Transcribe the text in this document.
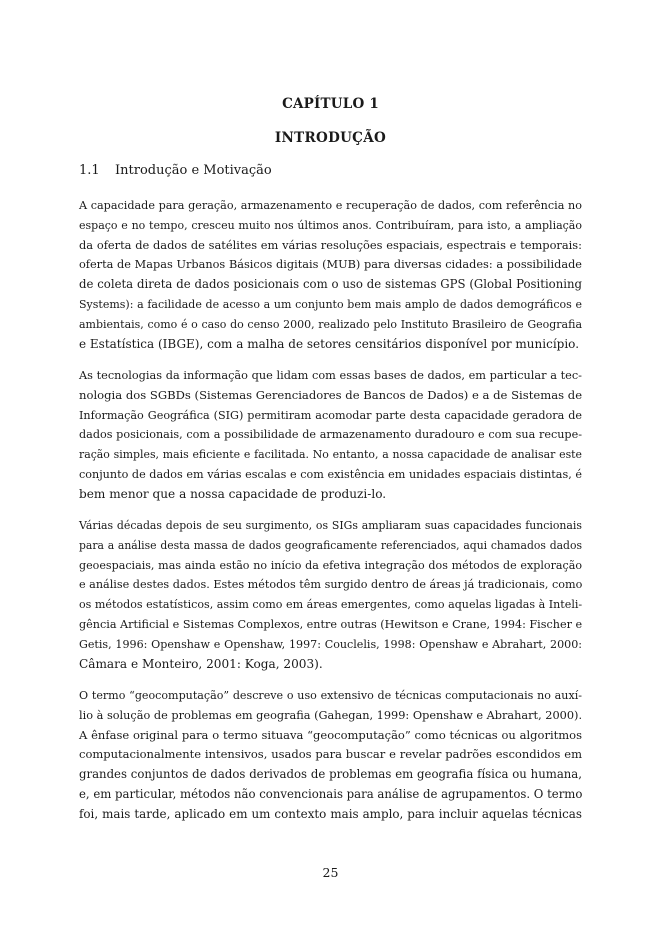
CAPÍTULO 1
INTRODUÇÃO
1.1 Introdução e Motivação
A capacidade para geração, armazenamento e recuperação de dados, com referência no
espaço e no tempo, cresceu muito nos últimos anos. Contribuíram, para isto, a ampliação
da oferta de dados de satélites em várias resoluções espaciais, espectrais e temporais:
oferta de Mapas Urbanos Básicos digitais (MUB) para diversas cidades: a possibilidade
de coleta direta de dados posicionais com o uso de sistemas GPS (Global Positioning
Systems): a facilidade de acesso a um conjunto bem mais amplo de dados demográficos e
ambientais, como é o caso do censo 2000, realizado pelo Instituto Brasileiro de Geografia
e Estatística (IBGE), com a malha de setores censitários disponível por município.
As tecnologias da informação que lidam com essas bases de dados, em particular a tec-
nologia dos SGBDs (Sistemas Gerenciadores de Bancos de Dados) e a de Sistemas de
Informação Geográfica (SIG) permitiram acomodar parte desta capacidade geradora de
dados posicionais, com a possibilidade de armazenamento duradouro e com sua recupe-
ração simples, mais eficiente e facilitada. No entanto, a nossa capacidade de analisar este
conjunto de dados em várias escalas e com existência em unidades espaciais distintas, é
bem menor que a nossa capacidade de produzi-lo.
Várias décadas depois de seu surgimento, os SIGs ampliaram suas capacidades funcionais
para a análise desta massa de dados geograficamente referenciados, aqui chamados dados
geoespaciais, mas ainda estão no início da efetiva integração dos métodos de exploração
e análise destes dados. Estes métodos têm surgido dentro de áreas já tradicionais, como
os métodos estatísticos, assim como em áreas emergentes, como aquelas ligadas à Inteli-
gência Artificial e Sistemas Complexos, entre outras (Hewitson e Crane, 1994: Fischer e
Getis, 1996: Openshaw e Openshaw, 1997: Couclelis, 1998: Openshaw e Abrahart, 2000:
Câmara e Monteiro, 2001: Koga, 2003).
O termo “geocomputação” descreve o uso extensivo de técnicas computacionais no auxí-
lio à solução de problemas em geografia (Gahegan, 1999: Openshaw e Abrahart, 2000).
A ênfase original para o termo situava “geocomputação” como técnicas ou algoritmos
computacionalmente intensivos, usados para buscar e revelar padrões escondidos em
grandes conjuntos de dados derivados de problemas em geografia física ou humana,
e, em particular, métodos não convencionais para análise de agrupamentos. O termo
foi, mais tarde, aplicado em um contexto mais amplo, para incluir aquelas técnicas
25
